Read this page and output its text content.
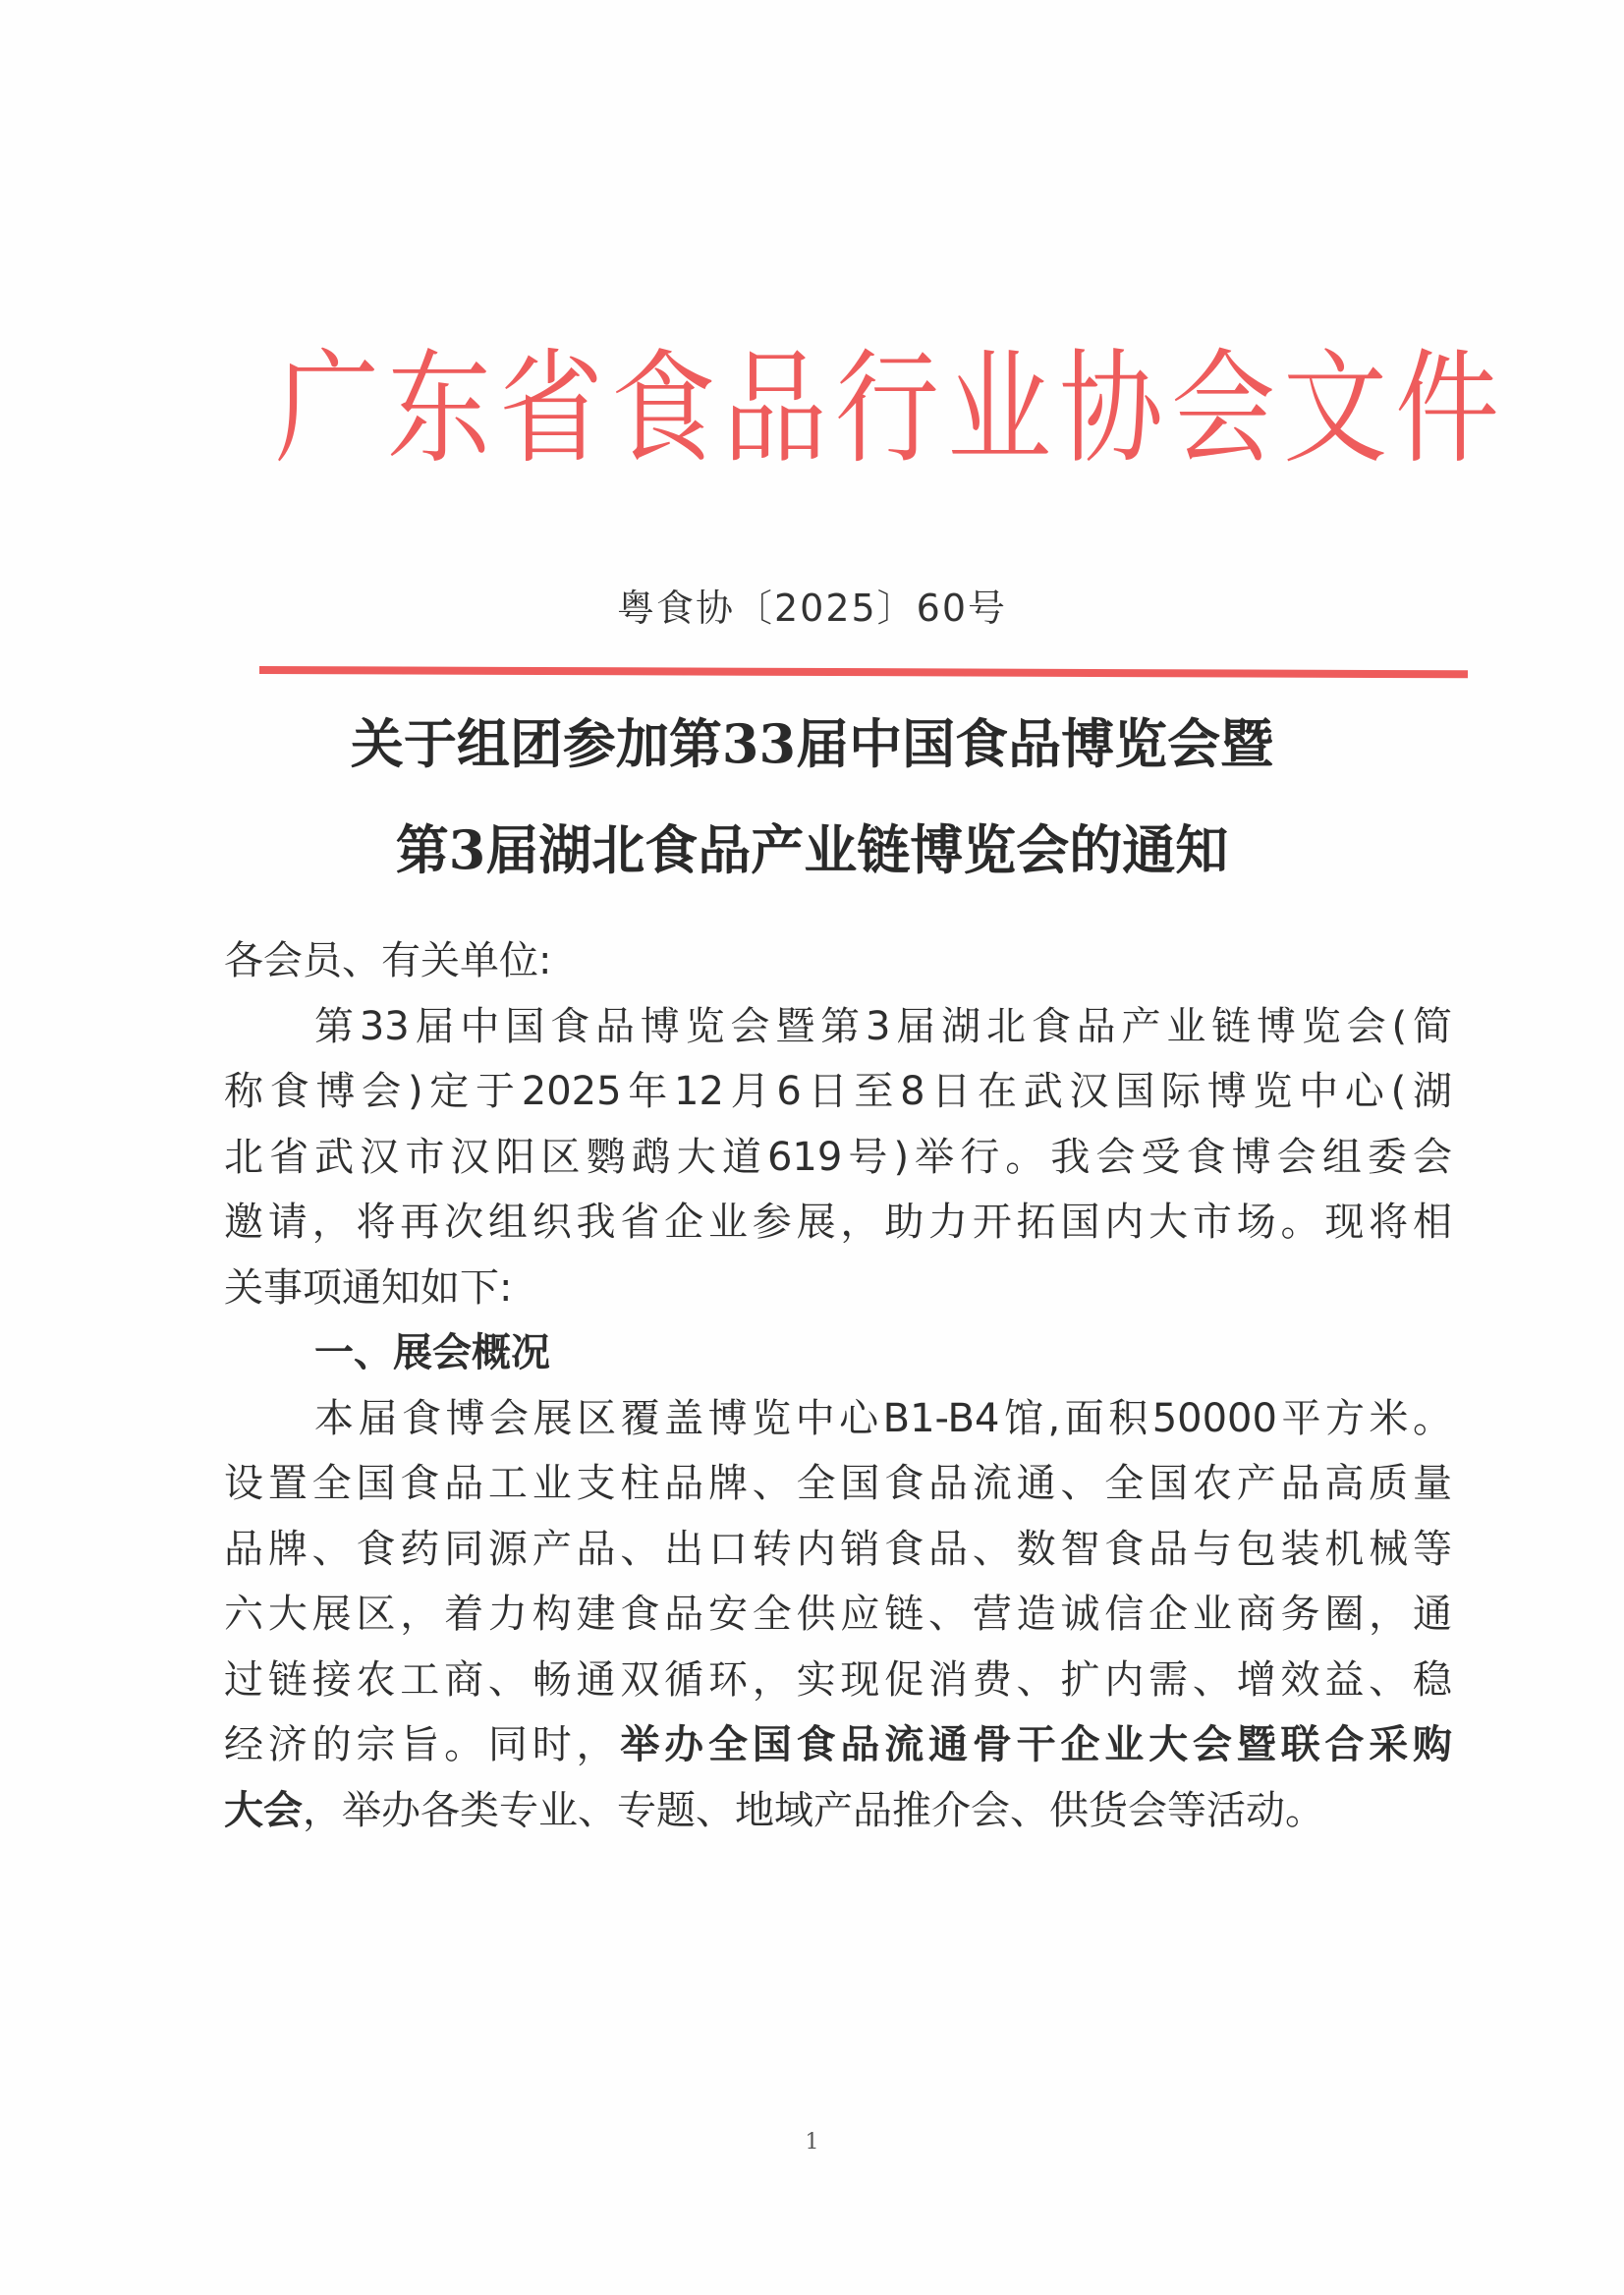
广东省食品行业协会文件
粤食协〔2025〕60号
关于组团参加第33届中国食品博览会暨
第3届湖北食品产业链博览会的通知
各会员、有关单位:
第33届中国食品博览会暨第3届湖北食品产业链博览会(简
称食博会)定于2025年12月6日至8日在武汉国际博览中心(湖
北省武汉市汉阳区鹦鹉大道619号)举行。我会受食博会组委会
邀请，将再次组织我省企业参展，助力开拓国内大市场。现将相
关事项通知如下:
一、展会概况
本届食博会展区覆盖博览中心B1-B4馆,面积50000平方米。
设置全国食品工业支柱品牌、全国食品流通、全国农产品高质量
品牌、食药同源产品、出口转内销食品、数智食品与包装机械等
六大展区，着力构建食品安全供应链、营造诚信企业商务圈，通
过链接农工商、畅通双循环，实现促消费、扩内需、增效益、稳
经济的宗旨。同时，举办全国食品流通骨干企业大会暨联合采购
大会，举办各类专业、专题、地域产品推介会、供货会等活动。
1
